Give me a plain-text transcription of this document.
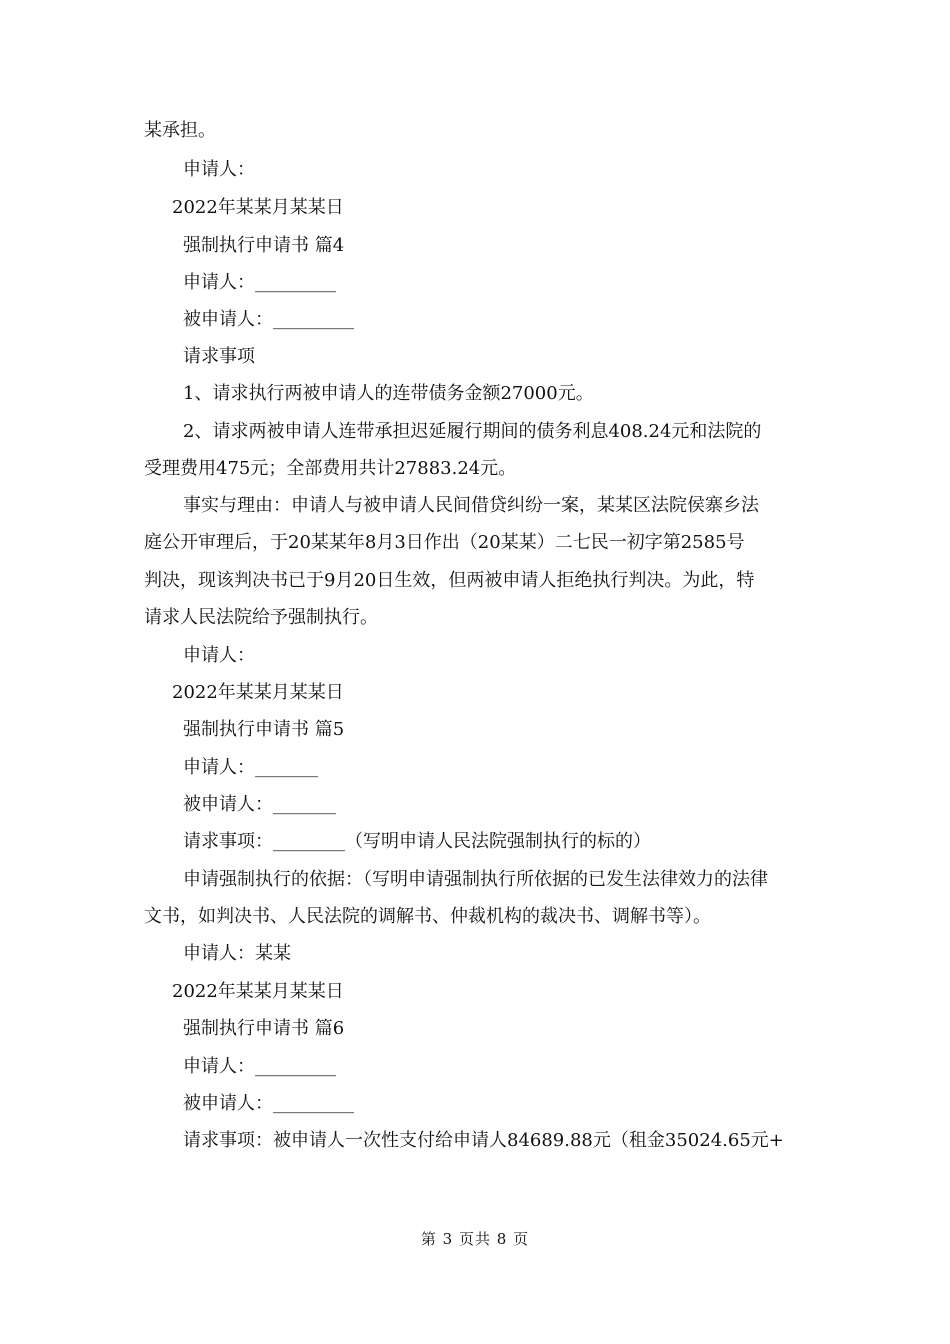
某承担。
申请人：
2022年某某月某某日
强制执行申请书 篇4
申请人：_________
被申请人：_________
请求事项
1、请求执行两被申请人的连带债务金额27000元。
2、请求两被申请人连带承担迟延履行期间的债务利息408.24元和法院的
受理费用475元；全部费用共计27883.24元。
事实与理由：申请人与被申请人民间借贷纠纷一案，某某区法院侯寨乡法
庭公开审理后，于20某某年8月3日作出（20某某）二七民一初字第2585号
判决，现该判决书已于9月20日生效，但两被申请人拒绝执行判决。为此，特
请求人民法院给予强制执行。
申请人：
2022年某某月某某日
强制执行申请书 篇5
申请人：_______
被申请人：_______
请求事项：________（写明申请人民法院强制执行的标的）
申请强制执行的依据：（写明申请强制执行所依据的已发生法律效力的法律
文书，如判决书、人民法院的调解书、仲裁机构的裁决书、调解书等）。
申请人：某某
2022年某某月某某日
强制执行申请书 篇6
申请人：_________
被申请人：_________
请求事项：被申请人一次性支付给申请人84689.88元（租金35024.65元+
第 3 页共 8 页
